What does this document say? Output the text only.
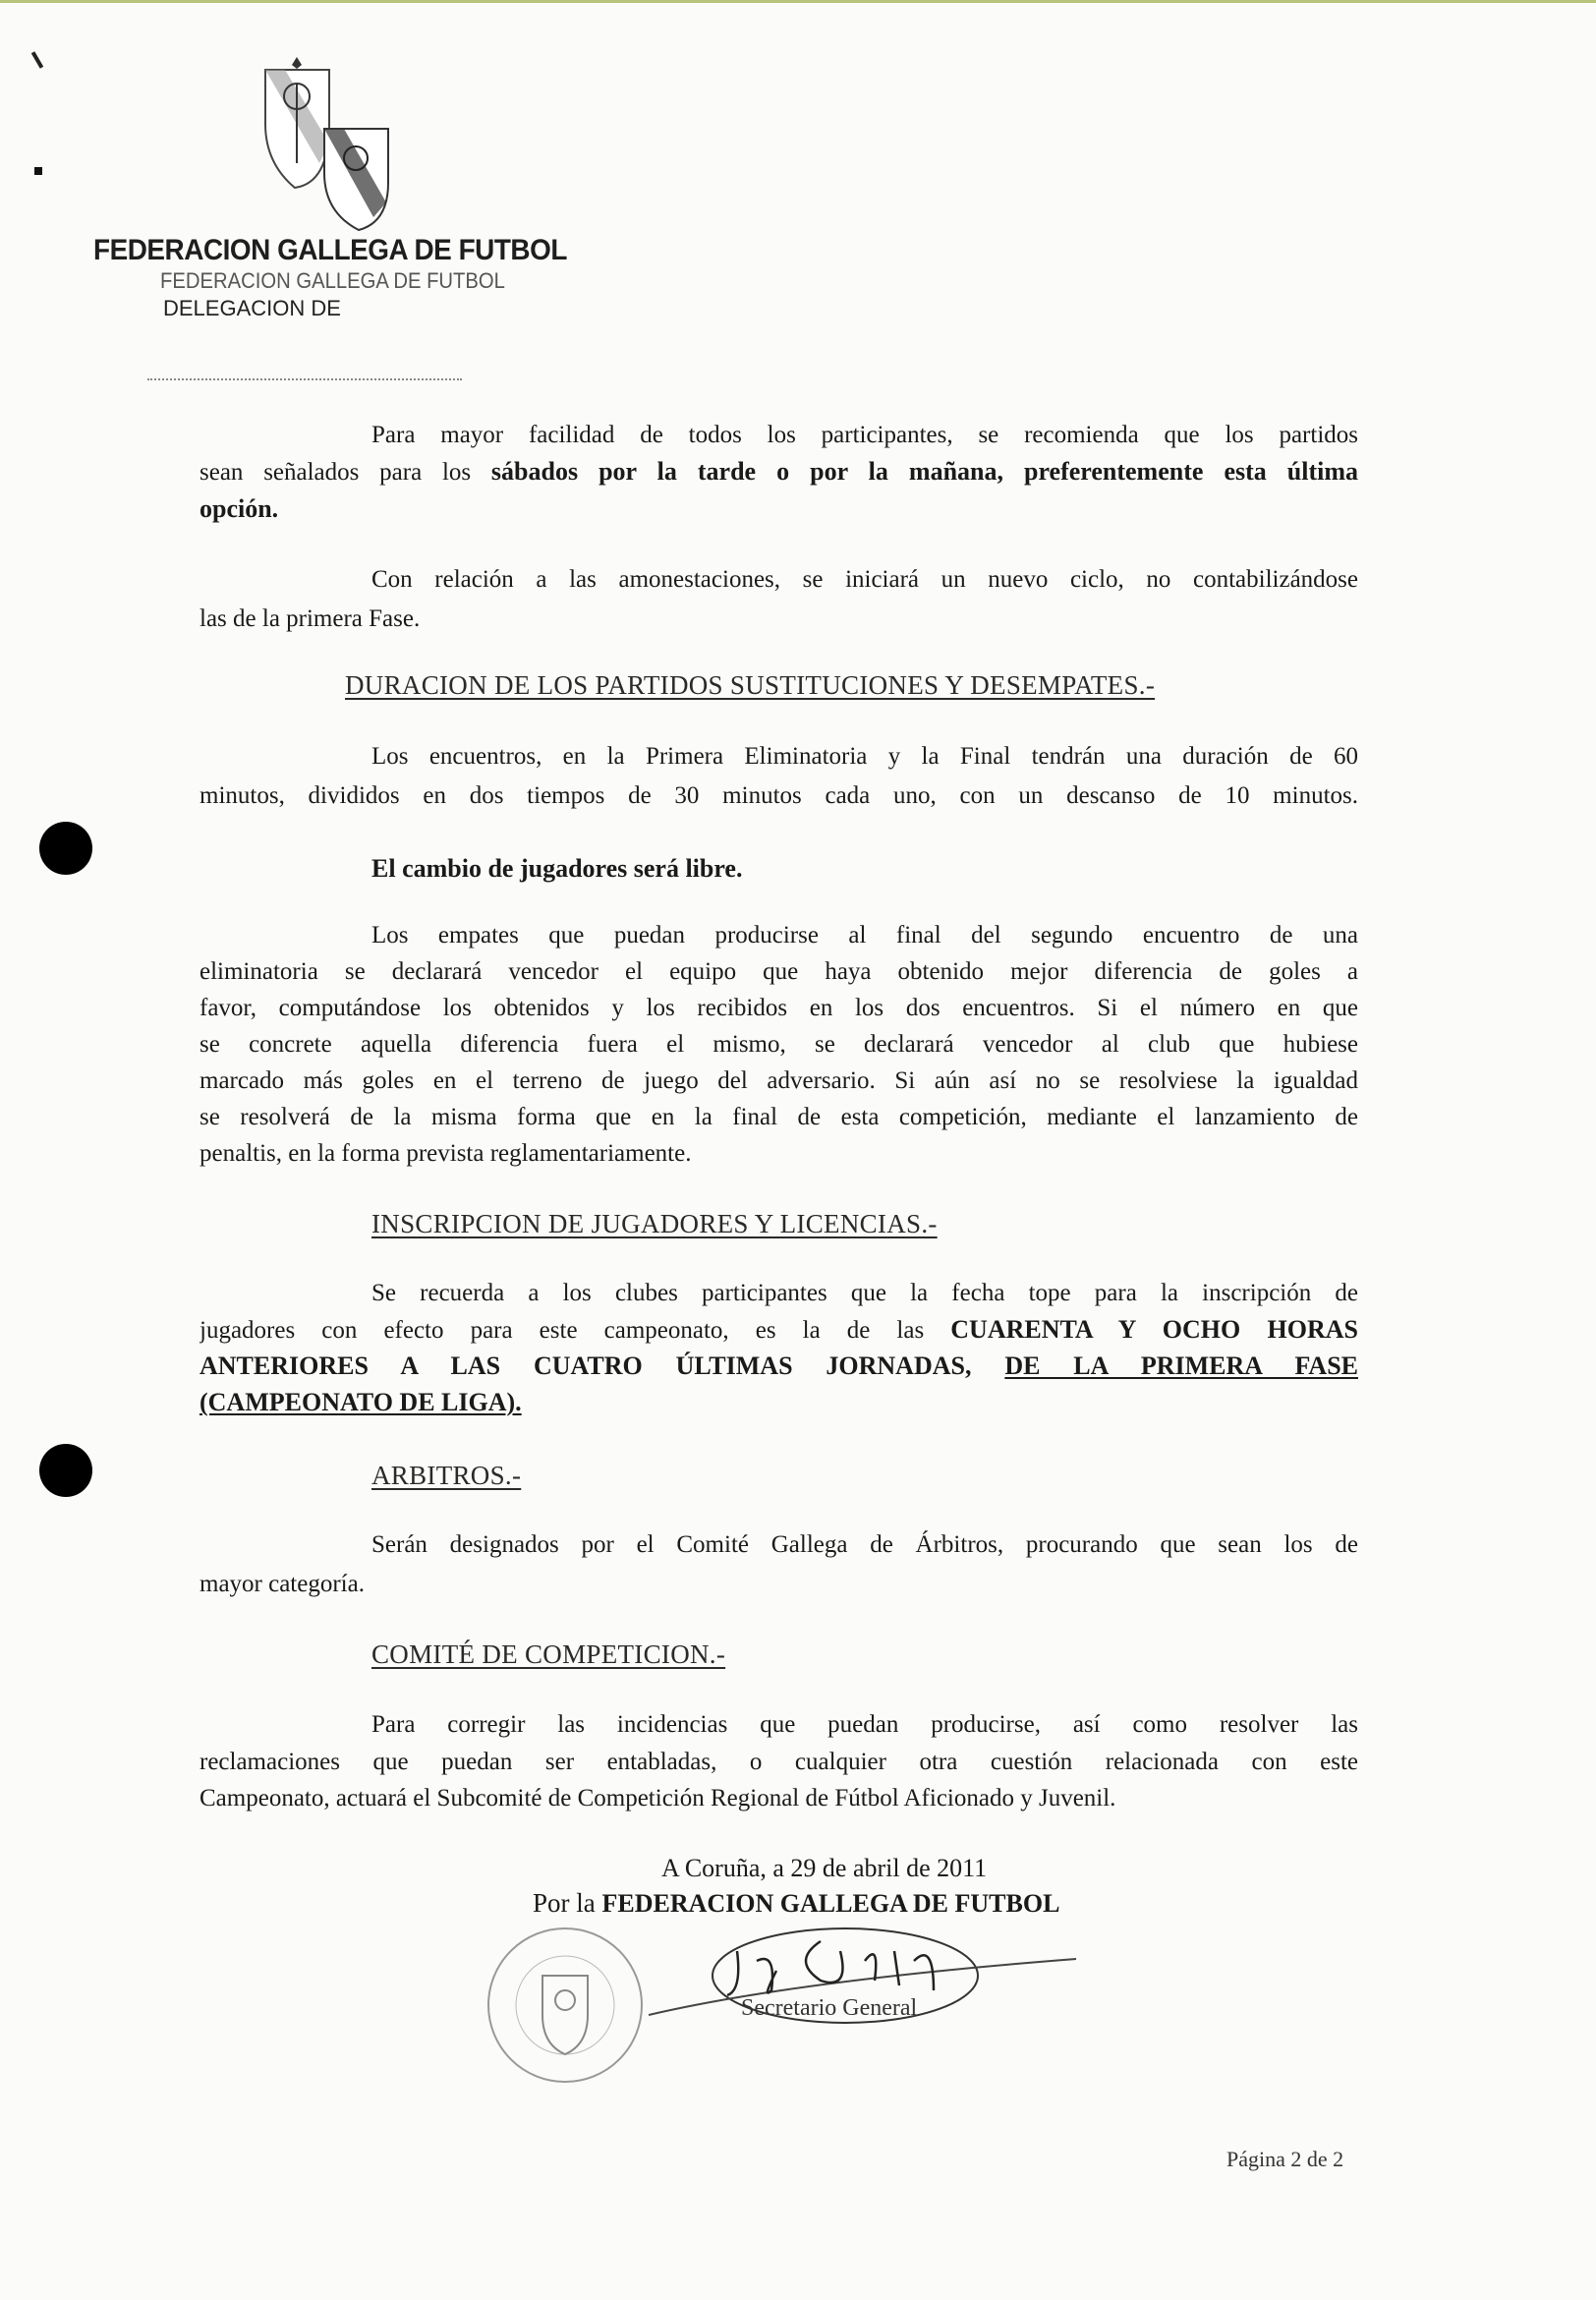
FEDERACION GALLEGA DE FUTBOL
FEDERACION GALLEGA DE FUTBOL
DELEGACION DE
Para mayor facilidad de todos los participantes, se recomienda que los partidos
sean señalados para los sábados por la tarde o por la mañana, preferentemente esta última
opción.
Con relación a las amonestaciones, se iniciará un nuevo ciclo, no contabilizándose
las de la primera Fase.
DURACION DE LOS PARTIDOS SUSTITUCIONES Y DESEMPATES.-
Los encuentros, en la Primera Eliminatoria y la Final tendrán una duración de 60
minutos, divididos en dos tiempos de 30 minutos cada uno, con un descanso de 10 minutos.
El cambio de jugadores será libre.
Los empates que puedan producirse al final del segundo encuentro de una
eliminatoria se declarará vencedor el equipo que haya obtenido mejor diferencia de goles a
favor, computándose los obtenidos y los recibidos en los dos encuentros. Si el número en que
se concrete aquella diferencia fuera el mismo, se declarará vencedor al club que hubiese
marcado más goles en el terreno de juego del adversario. Si aún así no se resolviese la igualdad
se resolverá de la misma forma que en la final de esta competición, mediante el lanzamiento de
penaltis, en la forma prevista reglamentariamente.
INSCRIPCION DE JUGADORES Y LICENCIAS.-
Se recuerda a los clubes participantes que la fecha tope para la inscripción de
jugadores con efecto para este campeonato, es la de las CUARENTA Y OCHO HORAS
ANTERIORES A LAS CUATRO ÚLTIMAS JORNADAS, DE LA PRIMERA FASE
(CAMPEONATO DE LIGA).
ARBITROS.-
Serán designados por el Comité Gallega de Árbitros, procurando que sean los de
mayor categoría.
COMITÉ DE COMPETICION.-
Para corregir las incidencias que puedan producirse, así como resolver las
reclamaciones que puedan ser entabladas, o cualquier otra cuestión relacionada con este
Campeonato, actuará el Subcomité de Competición Regional de Fútbol Aficionado y Juvenil.
A Coruña, a 29 de abril de 2011
Por la FEDERACION GALLEGA DE FUTBOL
Secretario General
Página 2 de 2
